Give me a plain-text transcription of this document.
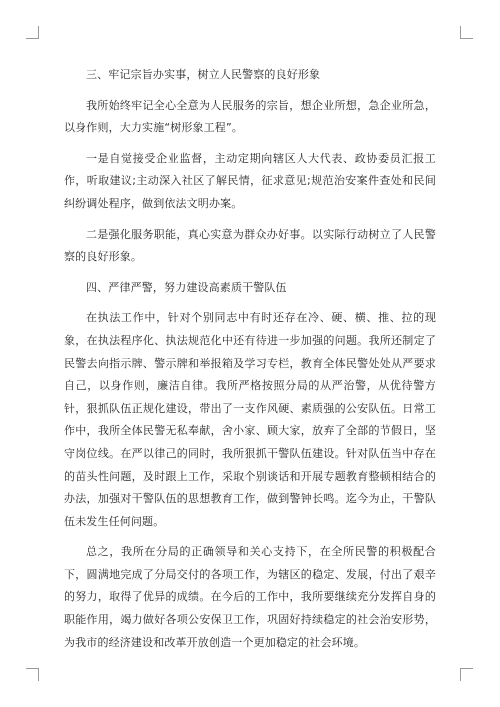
三、牢记宗旨办实事，树立人民警察的良好形象

我所始终牢记全心全意为人民服务的宗旨，想企业所想，急企业所急，以身作则，大力实施“树形象工程”。

一是自觉接受企业监督，主动定期向辖区人大代表、政协委员汇报工作，听取建议;主动深入社区了解民情，征求意见;规范治安案件查处和民间纠纷调处程序，做到依法文明办案。

二是强化服务职能，真心实意为群众办好事。以实际行动树立了人民警察的良好形象。

四、严律严警，努力建设高素质干警队伍

在执法工作中，针对个别同志中有时还存在冷、硬、横、推、拉的现象，在执法程序化、执法规范化中还有待进一步加强的问题。我所还制定了民警去向指示牌、警示牌和举报箱及学习专栏，教育全体民警处处从严要求自己，以身作则，廉洁自律。我所严格按照分局的从严治警，从优待警方针，狠抓队伍正规化建设，带出了一支作风硬、素质强的公安队伍。日常工作中，我所全体民警无私奉献，舍小家、顾大家，放弃了全部的节假日，坚守岗位线。在严以律己的同时，我所狠抓干警队伍建设。针对队伍当中存在的苗头性问题，及时跟上工作，采取个别谈话和开展专题教育整顿相结合的办法，加强对干警队伍的思想教育工作，做到警钟长鸣。迄今为止，干警队伍未发生任何问题。

总之，我所在分局的正确领导和关心支持下，在全所民警的积极配合下，圆满地完成了分局交付的各项工作，为辖区的稳定、发展，付出了艰辛的努力，取得了优异的成绩。在今后的工作中，我所要继续充分发挥自身的职能作用，竭力做好各项公安保卫工作，巩固好持续稳定的社会治安形势，为我市的经济建设和改革开放创造一个更加稳定的社会环境。
